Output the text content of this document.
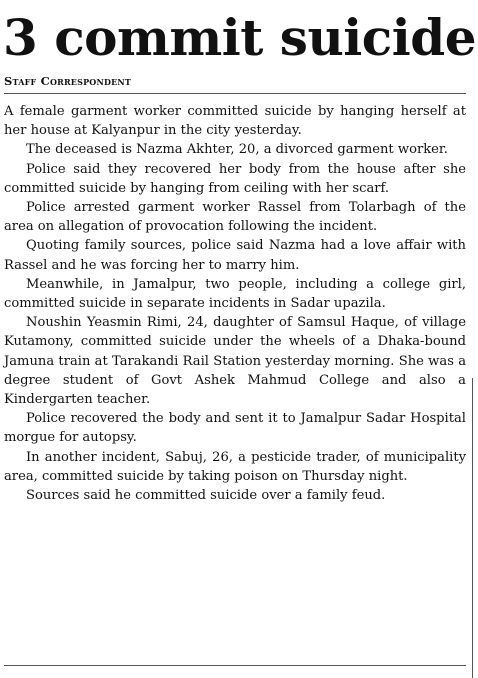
3 commit suicide
Staff Correspondent

A female garment worker committed suicide by hanging herself at her house at Kalyanpur in the city yesterday.

The deceased is Nazma Akhter, 20, a divorced garment worker.

Police said they recovered her body from the house after she committed suicide by hanging from ceiling with her scarf.

Police arrested garment worker Rassel from Tolarbagh of the area on allegation of provocation following the incident.

Quoting family sources, police said Nazma had a love affair with Rassel and he was forcing her to marry him.

Meanwhile, in Jamalpur, two people, including a college girl, committed suicide in separate incidents in Sadar upazila.

Noushin Yeasmin Rimi, 24, daughter of Samsul Haque, of village Kutamony, committed suicide under the wheels of a Dhaka-bound Jamuna train at Tarakandi Rail Station yesterday morning. She was a degree student of Govt Ashek Mahmud College and also a Kindergarten teacher.

Police recovered the body and sent it to Jamalpur Sadar Hospital morgue for autopsy.

In another incident, Sabuj, 26, a pesticide trader, of municipality area, committed suicide by taking poison on Thursday night.

Sources said he committed suicide over a family feud.
